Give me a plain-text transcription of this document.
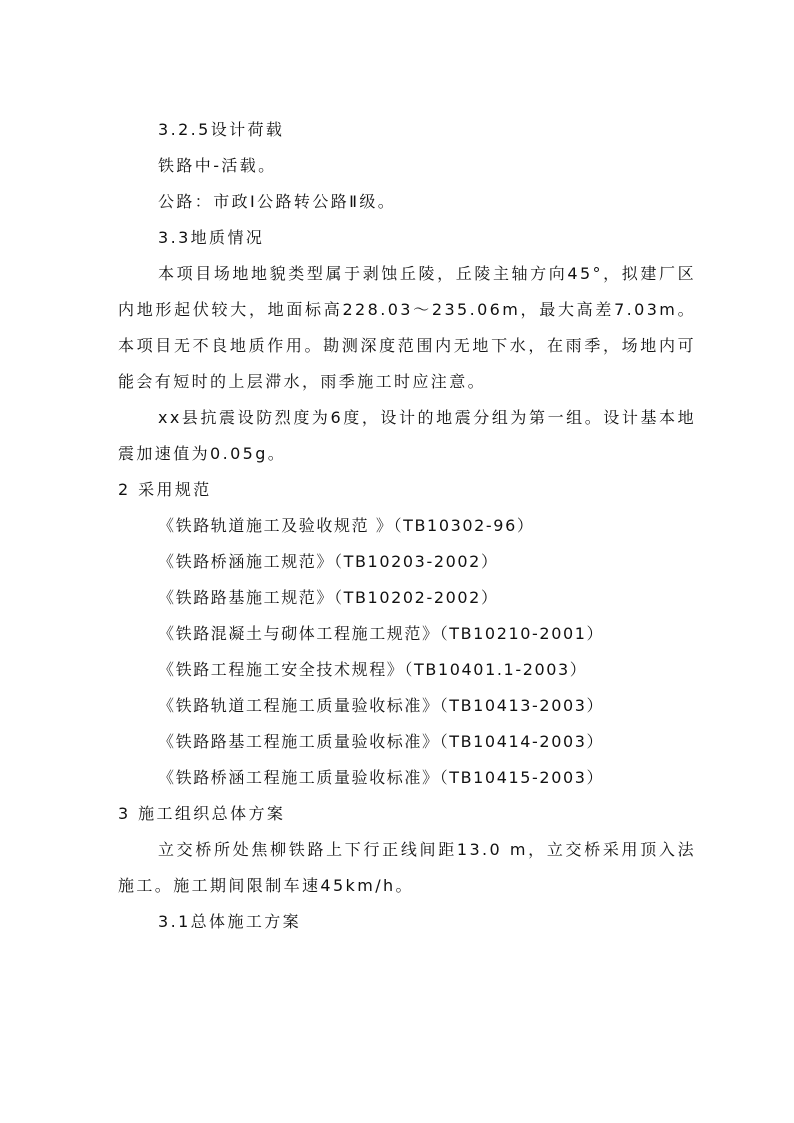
3.2.5设计荷载
铁路中-活载。
公路：市政Ⅰ公路转公路Ⅱ级。
3.3地质情况

本项目场地地貌类型属于剥蚀丘陵，丘陵主轴方向45°，拟建厂区内地形起伏较大，地面标高228.03～235.06m，最大高差7.03m。本项目无不良地质作用。勘测深度范围内无地下水，在雨季，场地内可能会有短时的上层滞水，雨季施工时应注意。

xx县抗震设防烈度为6度，设计的地震分组为第一组。设计基本地震加速值为0.05g。

2 采用规范
《铁路轨道施工及验收规范 》（TB10302-96）
《铁路桥涵施工规范》（TB10203-2002）
《铁路路基施工规范》（TB10202-2002）
《铁路混凝土与砌体工程施工规范》（TB10210-2001）
《铁路工程施工安全技术规程》（TB10401.1-2003）
《铁路轨道工程施工质量验收标准》（TB10413-2003）
《铁路路基工程施工质量验收标准》（TB10414-2003）
《铁路桥涵工程施工质量验收标准》（TB10415-2003）
3 施工组织总体方案

立交桥所处焦柳铁路上下行正线间距13.0 m，立交桥采用顶入法施工。施工期间限制车速45km/h。

3.1总体施工方案
